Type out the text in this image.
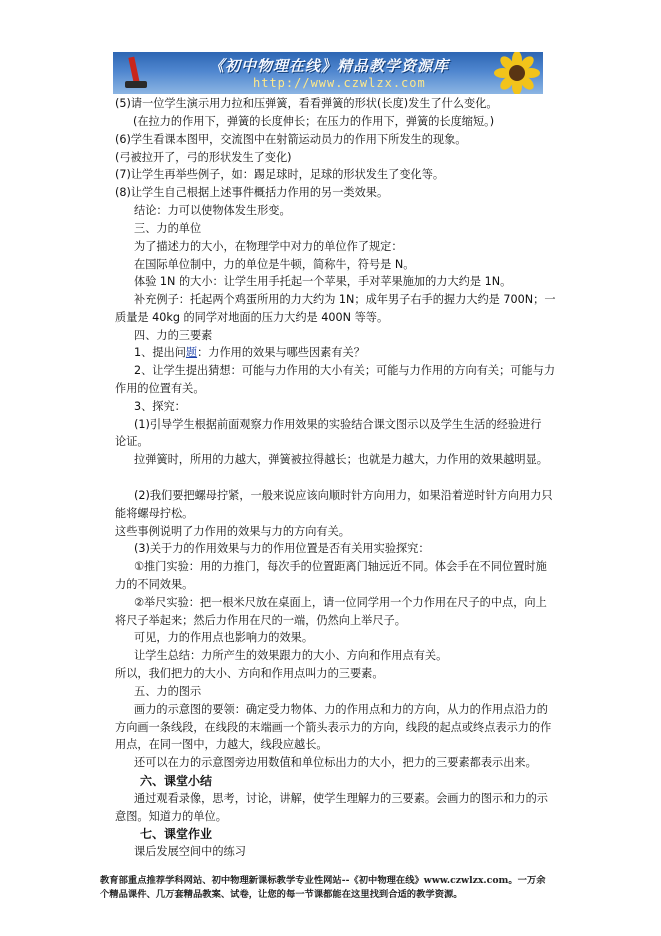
《初中物理在线》精品教学资源库
http://www.czwlzx.com
(5)请一位学生演示用力拉和压弹簧，看看弹簧的形状(长度)发生了什么变化。
(在拉力的作用下，弹簧的长度伸长；在压力的作用下，弹簧的长度缩短。)
(6)学生看课本图甲，交流图中在射箭运动员力的作用下所发生的现象。
(弓被拉开了，弓的形状发生了变化)
(7)让学生再举些例子，如：踢足球时，足球的形状发生了变化等。
(8)让学生自己根据上述事件概括力作用的另一类效果。
结论：力可以使物体发生形变。
三、力的单位
为了描述力的大小，在物理学中对力的单位作了规定：
在国际单位制中，力的单位是牛顿，简称牛，符号是 N。
体验 1N 的大小：让学生用手托起一个苹果，手对苹果施加的力大约是 1N。
补充例子：托起两个鸡蛋所用的力大约为 1N；成年男子右手的握力大约是 700N；一
质量是 40kg 的同学对地面的压力大约是 400N 等等。
四、力的三要素
1、提出问题：力作用的效果与哪些因素有关？
2、让学生提出猜想：可能与力作用的大小有关；可能与力作用的方向有关；可能与力
作用的位置有关。
3、探究：
(1)引导学生根据前面观察力作用效果的实验结合课文图示以及学生生活的经验进行
论证。
拉弹簧时，所用的力越大，弹簧被拉得越长；也就是力越大，力作用的效果越明显。
(2)我们要把螺母拧紧，一般来说应该向顺时针方向用力，如果沿着逆时针方向用力只
能将螺母拧松。
这些事例说明了力作用的效果与力的方向有关。
(3)关于力的作用效果与力的作用位置是否有关用实验探究：
①推门实验：用的力推门，每次手的位置距离门轴远近不同。体会手在不同位置时施
力的不同效果。
②举尺实验：把一根米尺放在桌面上，请一位同学用一个力作用在尺子的中点，向上
将尺子举起来；然后力作用在尺的一端，仍然向上举尺子。
可见，力的作用点也影响力的效果。
让学生总结：力所产生的效果跟力的大小、方向和作用点有关。
所以，我们把力的大小、方向和作用点叫力的三要素。
五、力的图示
画力的示意图的要领：确定受力物体、力的作用点和力的方向，从力的作用点沿力的
方向画一条线段，在线段的末端画一个箭头表示力的方向，线段的起点或终点表示力的作
用点，在同一图中，力越大，线段应越长。
还可以在力的示意图旁边用数值和单位标出力的大小，把力的三要素都表示出来。
六、课堂小结
通过观看录像，思考，讨论，讲解，使学生理解力的三要素。会画力的图示和力的示
意图。知道力的单位。
七、课堂作业
课后发展空间中的练习
教育部重点推荐学科网站、初中物理新课标教学专业性网站--《初中物理在线》www.czwlzx.com。一万余
个精品课件、几万套精品教案、试卷，让您的每一节课都能在这里找到合适的教学资源。
